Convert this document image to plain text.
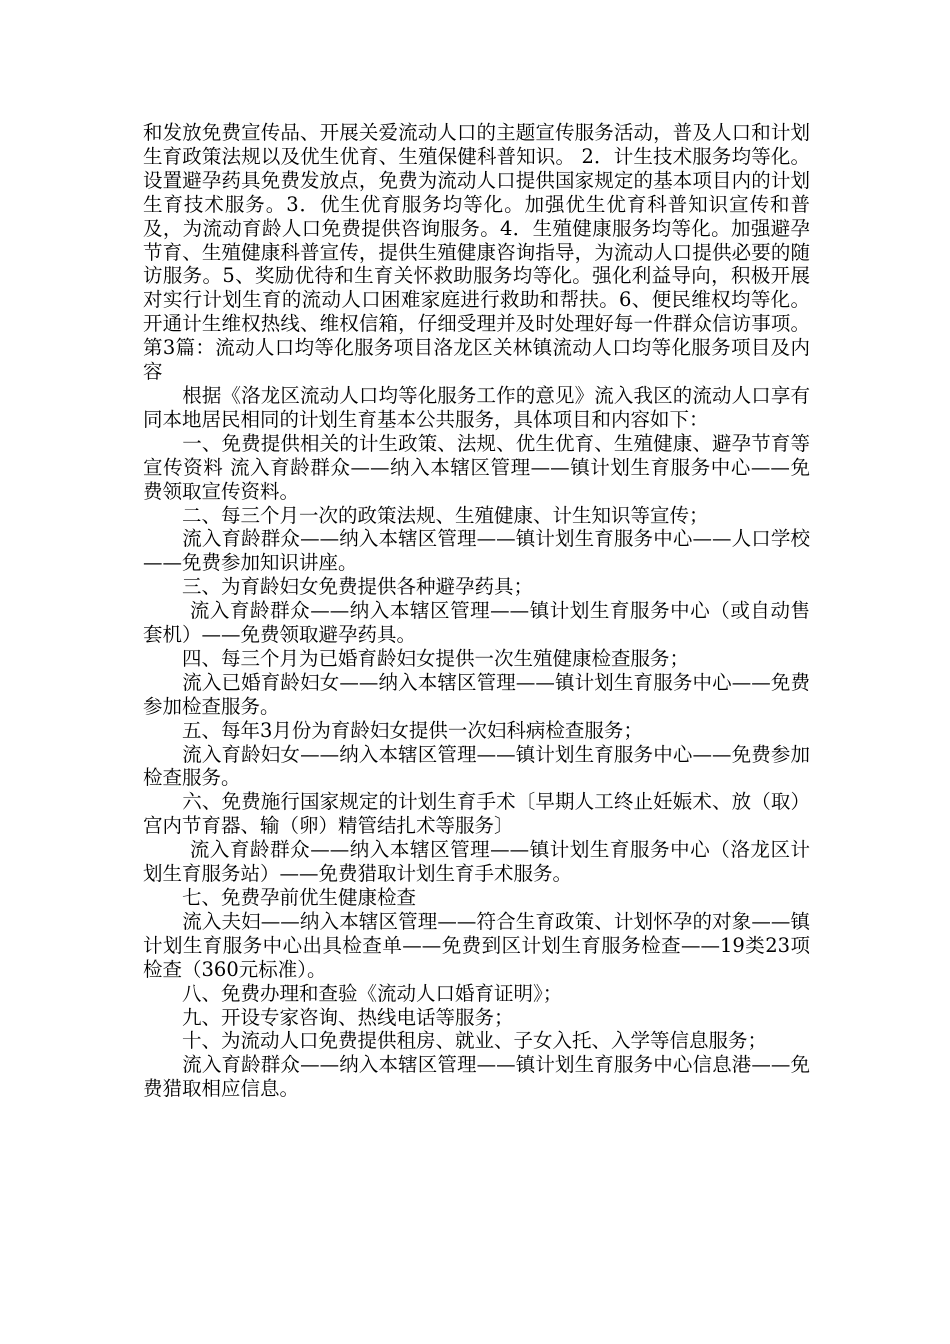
和发放免费宣传品、开展关爱流动人口的主题宣传服务活动，普及人口和计划生育政策法规以及优生优育、生殖保健科普知识。 2．计生技术服务均等化。设置避孕药具免费发放点，免费为流动人口提供国家规定的基本项目内的计划生育技术服务。3．优生优育服务均等化。加强优生优育科普知识宣传和普及，为流动育龄人口免费提供咨询服务。4．生殖健康服务均等化。加强避孕节育、生殖健康科普宣传，提供生殖健康咨询指导，为流动人口提供必要的随访服务。5、奖励优待和生育关怀救助服务均等化。强化利益导向，积极开展对实行计划生育的流动人口困难家庭进行救助和帮扶。6、便民维权均等化。开通计生维权热线、维权信箱，仔细受理并及时处理好每一件群众信访事项。第3篇：流动人口均等化服务项目洛龙区关林镇流动人口均等化服务项目及内容

　　根据《洛龙区流动人口均等化服务工作的意见》流入我区的流动人口享有同本地居民相同的计划生育基本公共服务，具体项目和内容如下：

　　一、免费提供相关的计生政策、法规、优生优育、生殖健康、避孕节育等宣传资料 流入育龄群众——纳入本辖区管理——镇计划生育服务中心——免费领取宣传资料。

　　二、每三个月一次的政策法规、生殖健康、计生知识等宣传；

　　流入育龄群众——纳入本辖区管理——镇计划生育服务中心——人口学校——免费参加知识讲座。

　　三、为育龄妇女免费提供各种避孕药具；

　　 流入育龄群众——纳入本辖区管理——镇计划生育服务中心（或自动售套机）——免费领取避孕药具。

　　四、每三个月为已婚育龄妇女提供一次生殖健康检查服务；

　　流入已婚育龄妇女——纳入本辖区管理——镇计划生育服务中心——免费参加检查服务。

　　五、每年3月份为育龄妇女提供一次妇科病检查服务；

　　流入育龄妇女——纳入本辖区管理——镇计划生育服务中心——免费参加检查服务。

　　六、免费施行国家规定的计划生育手术〔早期人工终止妊娠术、放（取）宫内节育器、输（卵）精管结扎术等服务〕

　　 流入育龄群众——纳入本辖区管理——镇计划生育服务中心（洛龙区计划生育服务站）——免费猎取计划生育手术服务。

　　七、免费孕前优生健康检查

　　流入夫妇——纳入本辖区管理——符合生育政策、计划怀孕的对象——镇计划生育服务中心出具检查单——免费到区计划生育服务检查——19类23项检查（360元标准）。

　　八、免费办理和查验《流动人口婚育证明》；

　　九、开设专家咨询、热线电话等服务；

　　十、为流动人口免费提供租房、就业、子女入托、入学等信息服务；

　　流入育龄群众——纳入本辖区管理——镇计划生育服务中心信息港——免费猎取相应信息。
